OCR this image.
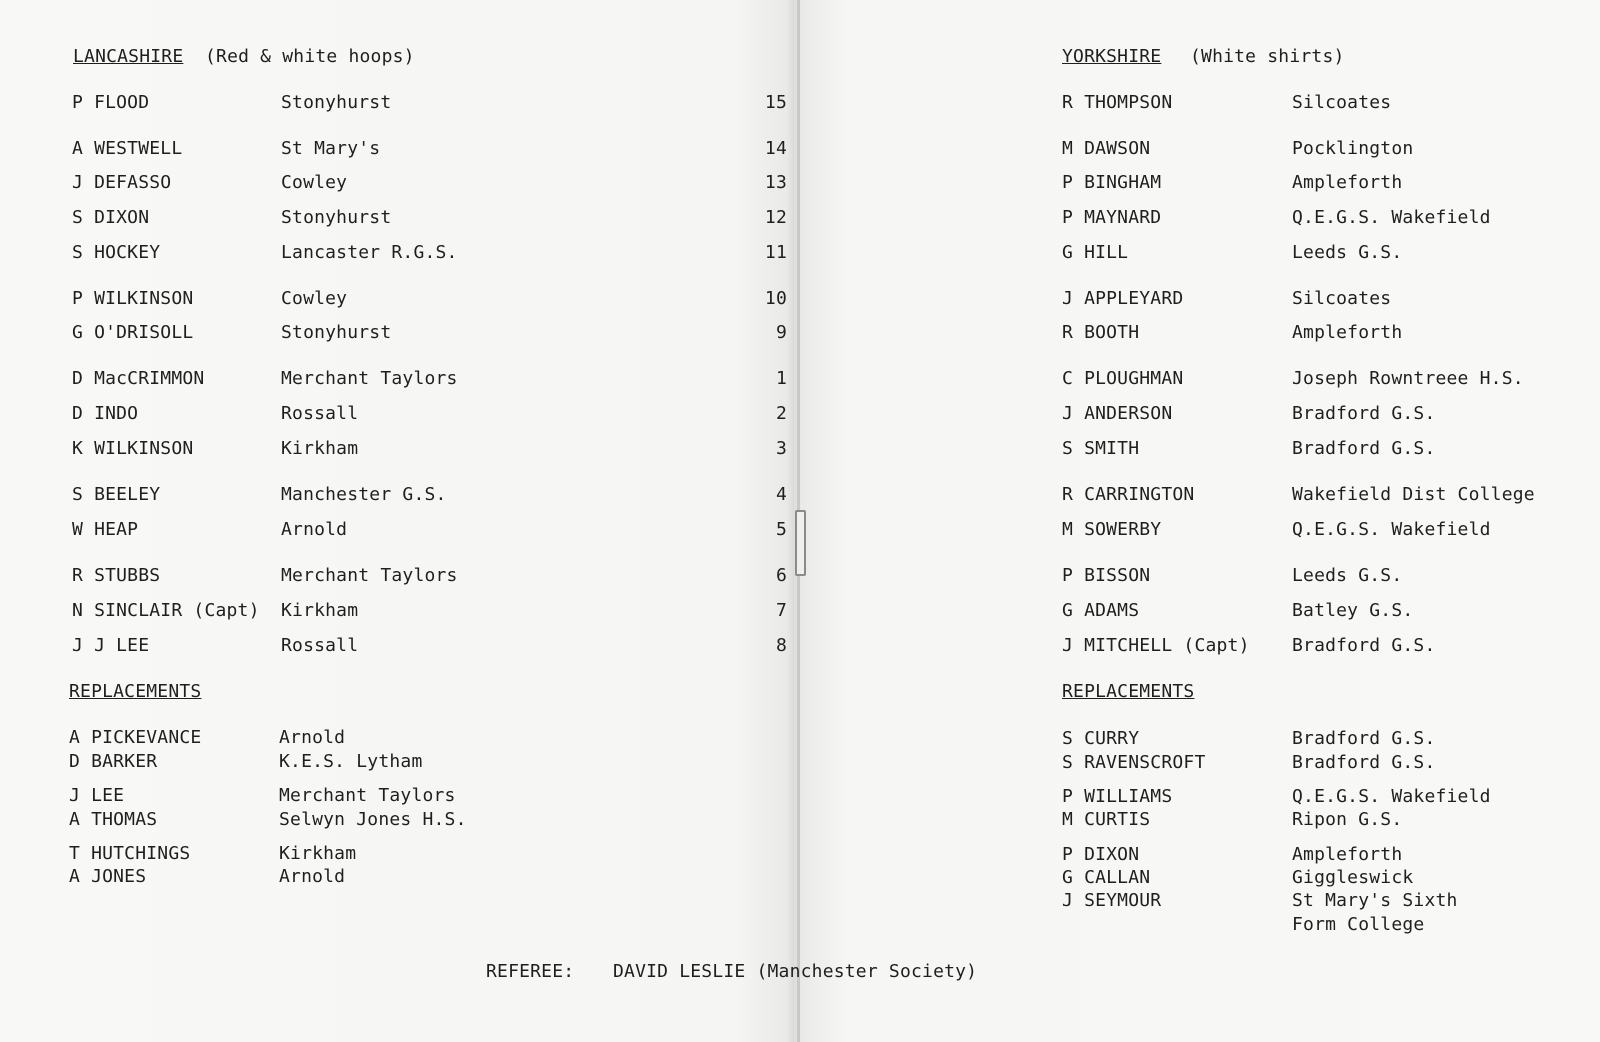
LANCASHIRE (Red & white hoops)	YORKSHIRE (White shirts)
P FLOOD	Stonyhurst	15
A WESTWELL	St Mary's	14
J DEFASSO	Cowley	13
S DIXON	Stonyhurst	12
S HOCKEY	Lancaster R.G.S.	11
P WILKINSON	Cowley	10
G O'DRISOLL	Stonyhurst	9
D MacCRIMMON	Merchant Taylors	1
D INDO	Rossall	2
K WILKINSON	Kirkham	3
S BEELEY	Manchester G.S.	4
W HEAP	Arnold	5
R STUBBS	Merchant Taylors	6
N SINCLAIR (Capt) Kirkham	7
J J LEE	Rossall	8
R THOMPSON	Silcoates
M DAWSON	Pocklington
P BINGHAM	Ampleforth
P MAYNARD	Q.E.G.S. Wakefield
G HILL	Leeds G.S.
J APPLEYARD	Silcoates
R BOOTH	Ampleforth
C PLOUGHMAN	Joseph Rowntreee H.S.
J ANDERSON	Bradford G.S.
S SMITH	Bradford G.S.
R CARRINGTON	Wakefield Dist College
M SOWERBY	Q.E.G.S. Wakefield
P BISSON	Leeds G.S.
G ADAMS	Batley G.S.
J MITCHELL (Capt) Bradford G.S.
REPLACEMENTS	REPLACEMENTS
A PICKEVANCE	Arnold
D BARKER	K.E.S. Lytham
J LEE	Merchant Taylors
A THOMAS	Selwyn Jones H.S.
T HUTCHINGS	Kirkham
A JONES	Arnold
S CURRY	Bradford G.S.
S RAVENSCROFT	Bradford G.S.
P WILLIAMS	Q.E.G.S. Wakefield
M CURTIS	Ripon G.S.
P DIXON	Ampleforth
G CALLAN	Giggleswick
J SEYMOUR	St Mary's Sixth
Form College
REFEREE: DAVID LESLIE (Manchester Society)
